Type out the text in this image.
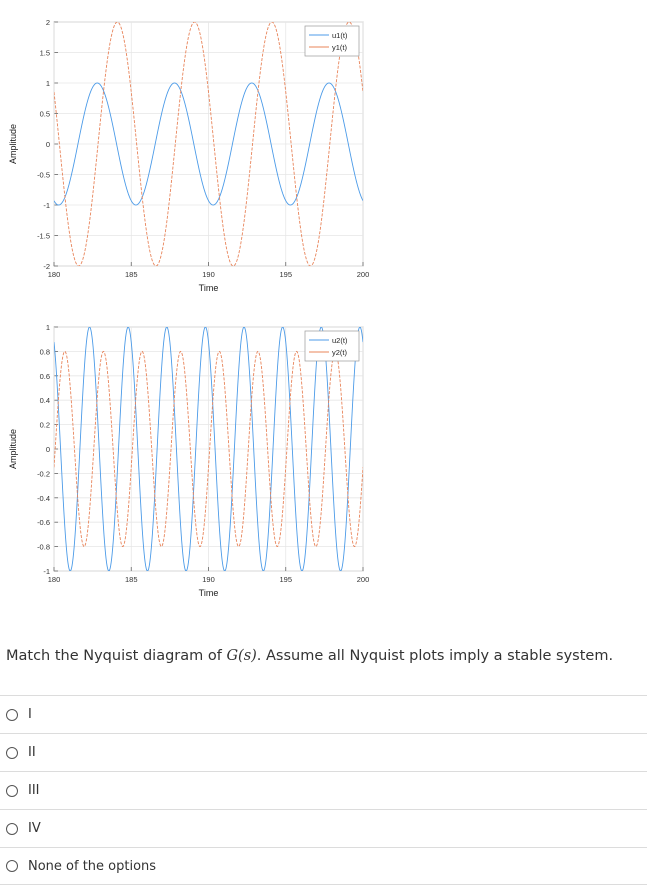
-2
-1.5
-1
-0.5
0
0.5
1
1.5
2
180	185	190	195	200
Time
Amplitude
u1(t)
y1(t)
-1
-0.8
-0.6
-0.4
-0.2
0
0.2
0.4
0.6
0.8
1
180	185	190	195	200
Time
Amplitude
u2(t)
y2(t)
Match the Nyquist diagram of G(s). Assume all Nyquist plots imply a stable system.
I
II
III
IV
None of the options
